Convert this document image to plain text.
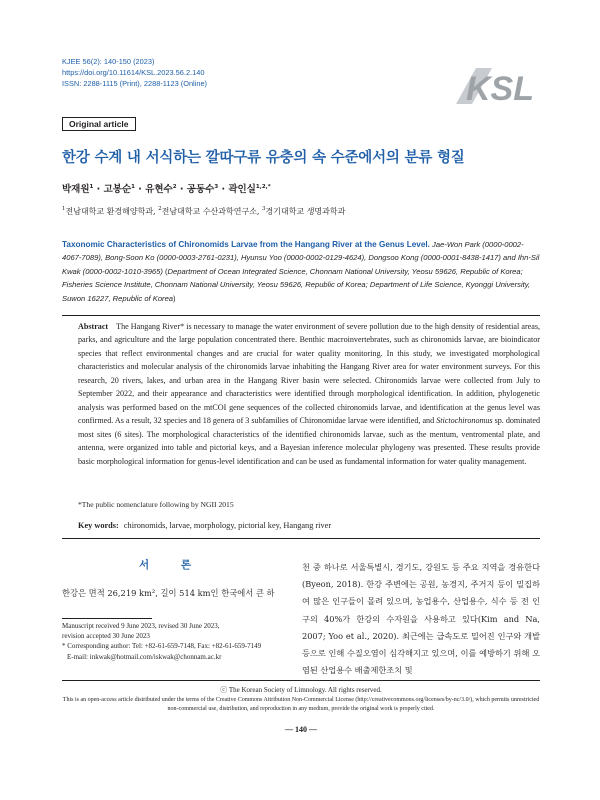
KJEE 56(2): 140-150 (2023)
https://doi.org/10.11614/KSL.2023.56.2.140
ISSN: 2288-1115 (Print), 2288-1123 (Online)	KSL
Original article
한강 수계 내 서식하는 깔따구류 유충의 속 수준에서의 분류 형질
박재원$^1$ · 고봉순$^1$ · 유현수$^2$ · 공동수$^3$ · 곽인실$^{1,2,*}$
$^1$전남대학교 환경해양학과, $^2$전남대학교 수산과학연구소, $^3$경기대학교 생명과학과
Taxonomic Characteristics of Chironomids Larvae from the Hangang River at the Genus Level. Jae-Won Park (0000-0002-4067-7089), Bong-Soon Ko (0000-0003-2761-0231), Hyunsu Yoo (0000-0002-0129-4624), Dongsoo Kong (0000-0001-8438-1417) and Ihn-Sil Kwak (0000-0002-1010-3965) (Department of Ocean Integrated Science, Chonnam National University, Yeosu 59626, Republic of Korea; Fisheries Science Institute, Chonnam National University, Yeosu 59626, Republic of Korea; Department of Life Science, Kyonggi University, Suwon 16227, Republic of Korea)
Abstract The Hangang River* is necessary to manage the water environment of severe pollution due to the high density of residential areas, parks, and agriculture and the large population concentrated there. Benthic macroinvertebrates, such as chironomids larvae, are bioindicator species that reflect environmental changes and are crucial for water quality monitoring. In this study, we investigated morphological characteristics and molecular analysis of the chironomids larvae inhabiting the Hangang River area for water environment surveys. For this research, 20 rivers, lakes, and urban area in the Hangang River basin were selected. Chironomids larvae were collected from July to September 2022, and their appearance and characteristics were identified through morphological identification. In addition, phylogenetic analysis was performed based on the mtCOI gene sequences of the collected chironomids larvae, and identification at the genus level was confirmed. As a result, 32 species and 18 genera of 3 subfamilies of Chironomidae larvae were identified, and Stictochironomus sp. dominated most sites (6 sites). The morphological characteristics of the identified chironomids larvae, such as the mentum, ventromental plate, and antenna, were organized into table and pictorial keys, and a Bayesian inference molecular phylogeny was presented. These results provide basic morphological information for genus-level identification and can be used as fundamental information for water quality management.
*The public nomenclature following by NGII 2015
Key words: chironomids, larvae, morphology, pictorial key, Hangang river
서 론
한강은 면적 26,219 km², 길이 514 km인 한국에서 큰 하
Manuscript received 9 June 2023, revised 30 June 2023,
revision accepted 30 June 2023
* Corresponding author: Tel: +82-61-659-7148, Fax: +82-61-659-7149
E-mail: inkwak@hotmail.com/iskwak@chonnam.ac.kr
천 중 하나로 서울특별시, 경기도, 강원도 등 주요 지역을 경유한다(Byeon, 2018). 한강 주변에는 공원, 농경지, 주거지 등이 밀집하여 많은 인구들이 몰려 있으며, 농업용수, 산업용수, 식수 등 전 인구의 40%가 한강의 수자원을 사용하고 있다(Kim and Na, 2007; Yoo et al., 2020). 최근에는 급속도로 밀어진 인구와 개발 등으로 인해 수질오염이 심각해지고 있으며, 이를 예방하기 위해 오염된 산업용수 배출제한조치 및
ⓒ The Korean Society of Limnology. All rights reserved.
This is an open-access article distributed under the terms of the Creative Commons Attribution Non-Commercial License (http://creativecommons.org/licenses/by-nc/3.0/), which permits unrestricted non-commercial use, distribution, and reproduction in any medium, provide the original work is properly cited.
— 140 —
